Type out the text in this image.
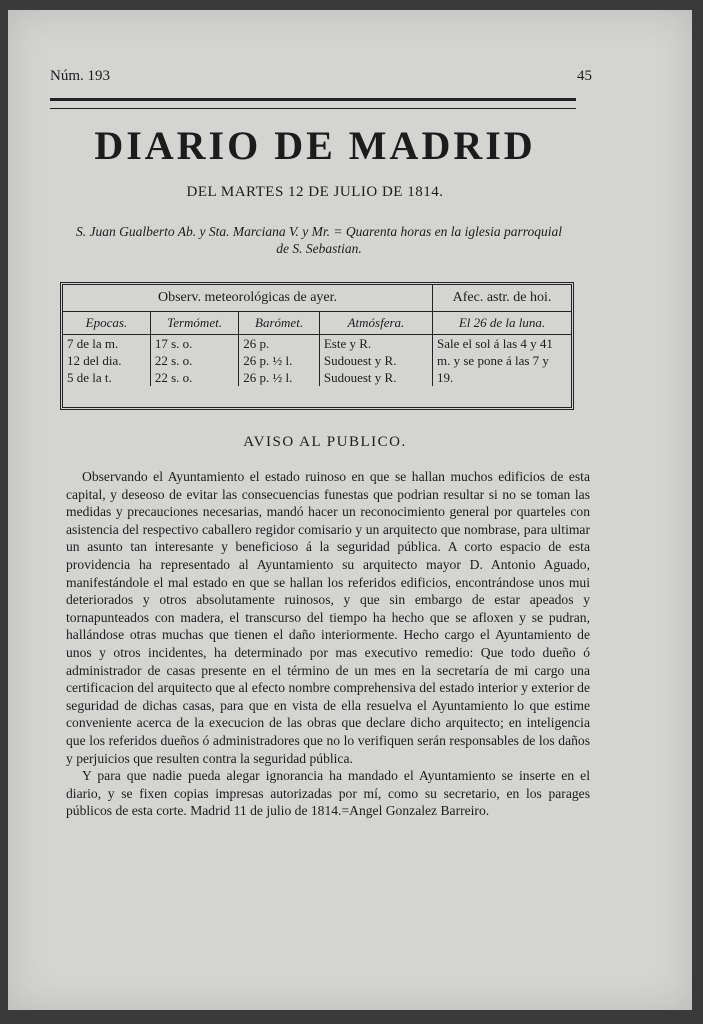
Núm. 193	45
DIARIO DE MADRID
DEL MARTES 12 DE JULIO DE 1814.
S. Juan Gualberto Ab. y Sta. Marciana V. y Mr. = Quarenta horas en la iglesia parroquial de S. Sebastian.
Observ. meteorológicas de ayer.				Afec. astr. de hoi.
Epocas.	Termómet.	Barómet.	Atmósfera.	El 26 de la luna.
7 de la m.	17 s. o.	26 p.	Este y R.	Sale el sol á las 4 y 41 m. y se pone á las 7 y 19.
12 del dia.	22 s. o.	26 p. ½ l.	Sudouest y R.	
5 de la t.	22 s. o.	26 p. ½ l.	Sudouest y R.	
AVISO AL PUBLICO.

Observando el Ayuntamiento el estado ruinoso en que se hallan muchos edificios de esta capital, y deseoso de evitar las consecuencias funestas que podrian resultar si no se toman las medidas y precauciones necesarias, mandó hacer un reconocimiento general por quarteles con asistencia del respectivo caballero regidor comisario y un arquitecto que nombrase, para ultimar un asunto tan interesante y beneficioso á la seguridad pública. A corto espacio de esta providencia ha representado al Ayuntamiento su arquitecto mayor D. Antonio Aguado, manifestándole el mal estado en que se hallan los referidos edificios, encontrándose unos mui deteriorados y otros absolutamente ruinosos, y que sin embargo de estar apeados y tornapunteados con madera, el transcurso del tiempo ha hecho que se afloxen y se pudran, hallándose otras muchas que tienen el daño interiormente. Hecho cargo el Ayuntamiento de unos y otros incidentes, ha determinado por mas executivo remedio: Que todo dueño ó administrador de casas presente en el término de un mes en la secretaría de mi cargo una certificacion del arquitecto que al efecto nombre comprehensiva del estado interior y exterior de seguridad de dichas casas, para que en vista de ella resuelva el Ayuntamiento lo que estime conveniente acerca de la execucion de las obras que declare dicho arquitecto; en inteligencia que los referidos dueños ó administradores que no lo verifiquen serán responsables de los daños y perjuicios que resulten contra la seguridad pública.

Y para que nadie pueda alegar ignorancia ha mandado el Ayuntamiento se inserte en el diario, y se fixen copias impresas autorizadas por mí, como su secretario, en los parages públicos de esta corte. Madrid 11 de julio de 1814.=Angel Gonzalez Barreiro.
